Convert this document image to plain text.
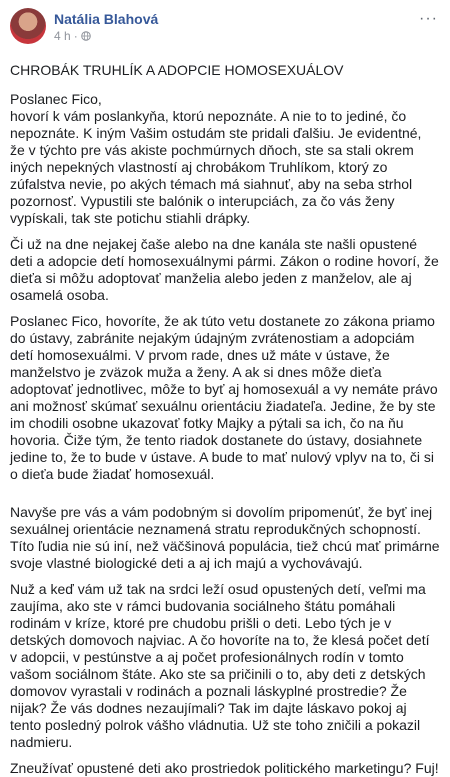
Natália Blahová
4 h ·
···

CHROBÁK TRUHLÍK A ADOPCIE HOMOSEXUÁLOV

Poslanec Fico,
hovorí k vám poslankyňa, ktorú nepoznáte. A nie to to jediné, čo nepoznáte. K iným Vašim ostudám ste pridali ďalšiu. Je evidentné, že v týchto pre vás akiste pochmúrnych dňoch, ste sa stali okrem iných nepekných vlastností aj chrobákom Truhlíkom, ktorý zo zúfalstva nevie, po akých témach má siahnuť, aby na seba strhol pozornosť. Vypustili ste balónik o interupciách, za čo vás ženy vypískali, tak ste potichu stiahli drápky.

Či už na dne nejakej čaše alebo na dne kanála ste našli opustené deti a adopcie detí homosexuálnymi pármi. Zákon o rodine hovorí, že dieťa si môžu adoptovať manželia alebo jeden z manželov, ale aj osamelá osoba.

Poslanec Fico, hovoríte, že ak túto vetu dostanete zo zákona priamo do ústavy, zabránite nejakým údajným zvrátenostiam a adopciám detí homosexuálmi. V prvom rade, dnes už máte v ústave, že manželstvo je zväzok muža a ženy. A ak si dnes môže dieťa adoptovať jednotlivec, môže to byť aj homosexuál a vy nemáte právo ani možnosť skúmať sexuálnu orientáciu žiadateľa. Jedine, že by ste im chodili osobne ukazovať fotky Majky a pýtali sa ich, čo na ňu hovoria. Čiže tým, že tento riadok dostanete do ústavy, dosiahnete jedine to, že to bude v ústave. A bude to mať nulový vplyv na to, či si o dieťa bude žiadať homosexuál.

Navyše pre vás a vám podobným si dovolím pripomenúť, že byť inej sexuálnej orientácie neznamená stratu reprodukčných schopností. Títo ľudia nie sú iní, než väčšinová populácia, tiež chcú mať primárne svoje vlastné biologické deti a aj ich majú a vychovávajú.

Nuž a keď vám už tak na srdci leží osud opustených detí, veľmi ma zaujíma, ako ste v rámci budovania sociálneho štátu pomáhali rodinám v kríze, ktoré pre chudobu prišli o deti. Lebo tých je v detských domovoch najviac. A čo hovoríte na to, že klesá počet detí v adopcii, v pestúnstve a aj počet profesionálnych rodín v tomto vašom sociálnom štáte. Ako ste sa pričinili o to, aby deti z detských domovov vyrastali v rodinách a poznali láskyplné prostredie? Že nijak? Že vás dodnes nezaujímali? Tak im dajte láskavo pokoj aj tento posledný polrok vášho vládnutia. Už ste toho zničili a pokazil nadmieru.

Zneužívať opustené deti ako prostriedok politického marketingu? Fuj!
